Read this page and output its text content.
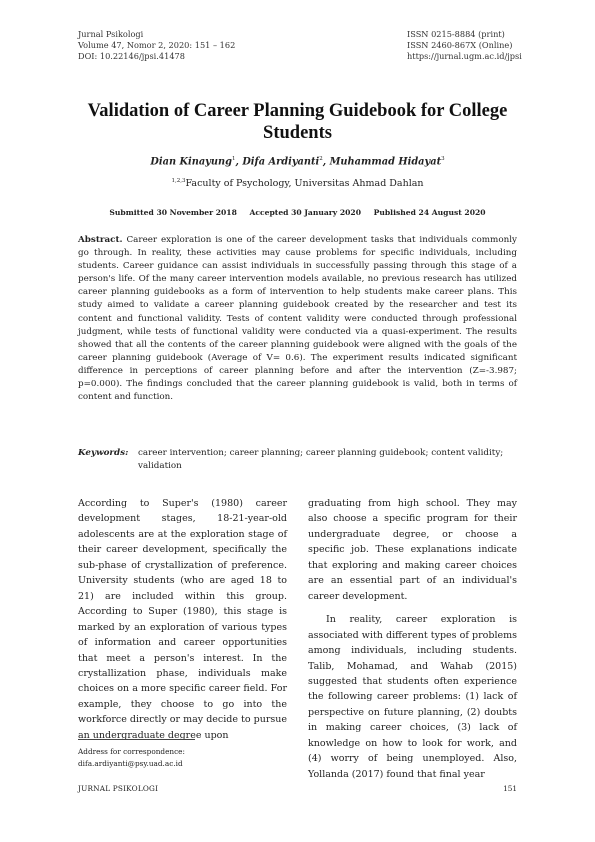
Jurnal Psikologi
Volume 47, Nomor 2, 2020: 151 – 162
DOI: 10.22146/jpsi.41478
ISSN 0215-8884 (print)
ISSN 2460-867X (Online)
https://jurnal.ugm.ac.id/jpsi
Validation of Career Planning Guidebook for College Students
Dian Kinayung$^1$, Difa Ardiyanti$^2$, Muhammad Hidayat$^3$
$^{1,2,3}$Faculty of Psychology, Universitas Ahmad Dahlan
Submitted 30 November 2018 Accepted 30 January 2020 Published 24 August 2020
Abstract. Career exploration is one of the career development tasks that individuals commonly go through. In reality, these activities may cause problems for specific individuals, including students. Career guidance can assist individuals in successfully passing through this stage of a person's life. Of the many career intervention models available, no previous research has utilized career planning guidebooks as a form of intervention to help students make career plans. This study aimed to validate a career planning guidebook created by the researcher and test its content and functional validity. Tests of content validity were conducted through professional judgment, while tests of functional validity were conducted via a quasi-experiment. The results showed that all the contents of the career planning guidebook were aligned with the goals of the career planning guidebook (Average of V= 0.6). The experiment results indicated significant difference in perceptions of career planning before and after the intervention (Z=-3.987; p=0.000). The findings concluded that the career planning guidebook is valid, both in terms of content and function.
Keywords:	career intervention; career planning; career planning guidebook; content validity; validation

According to Super's (1980) career development stages, 18-21-year-old adolescents are at the exploration stage of their career development, specifically the sub-phase of crystallization of preference. University students (who are aged 18 to 21) are included within this group. According to Super (1980), this stage is marked by an exploration of various types of information and career opportunities that meet a person's interest. In the crystallization phase, individuals make choices on a more specific career field. For example, they choose to go into the workforce directly or may decide to pursue an undergraduate degree upon

graduating from high school. They may also choose a specific program for their undergraduate degree, or choose a specific job. These explanations indicate that exploring and making career choices are an essential part of an individual's career development.

In reality, career exploration is associated with different types of problems among individuals, including students. Talib, Mohamad, and Wahab (2015) suggested that students often experience the following career problems: (1) lack of perspective on future planning, (2) doubts in making career choices, (3) lack of knowledge on how to look for work, and (4) worry of being unemployed. Also, Yollanda (2017) found that final year

Address for correspondence:
difa.ardiyanti@psy.uad.ac.id
JURNAL PSIKOLOGI	151
